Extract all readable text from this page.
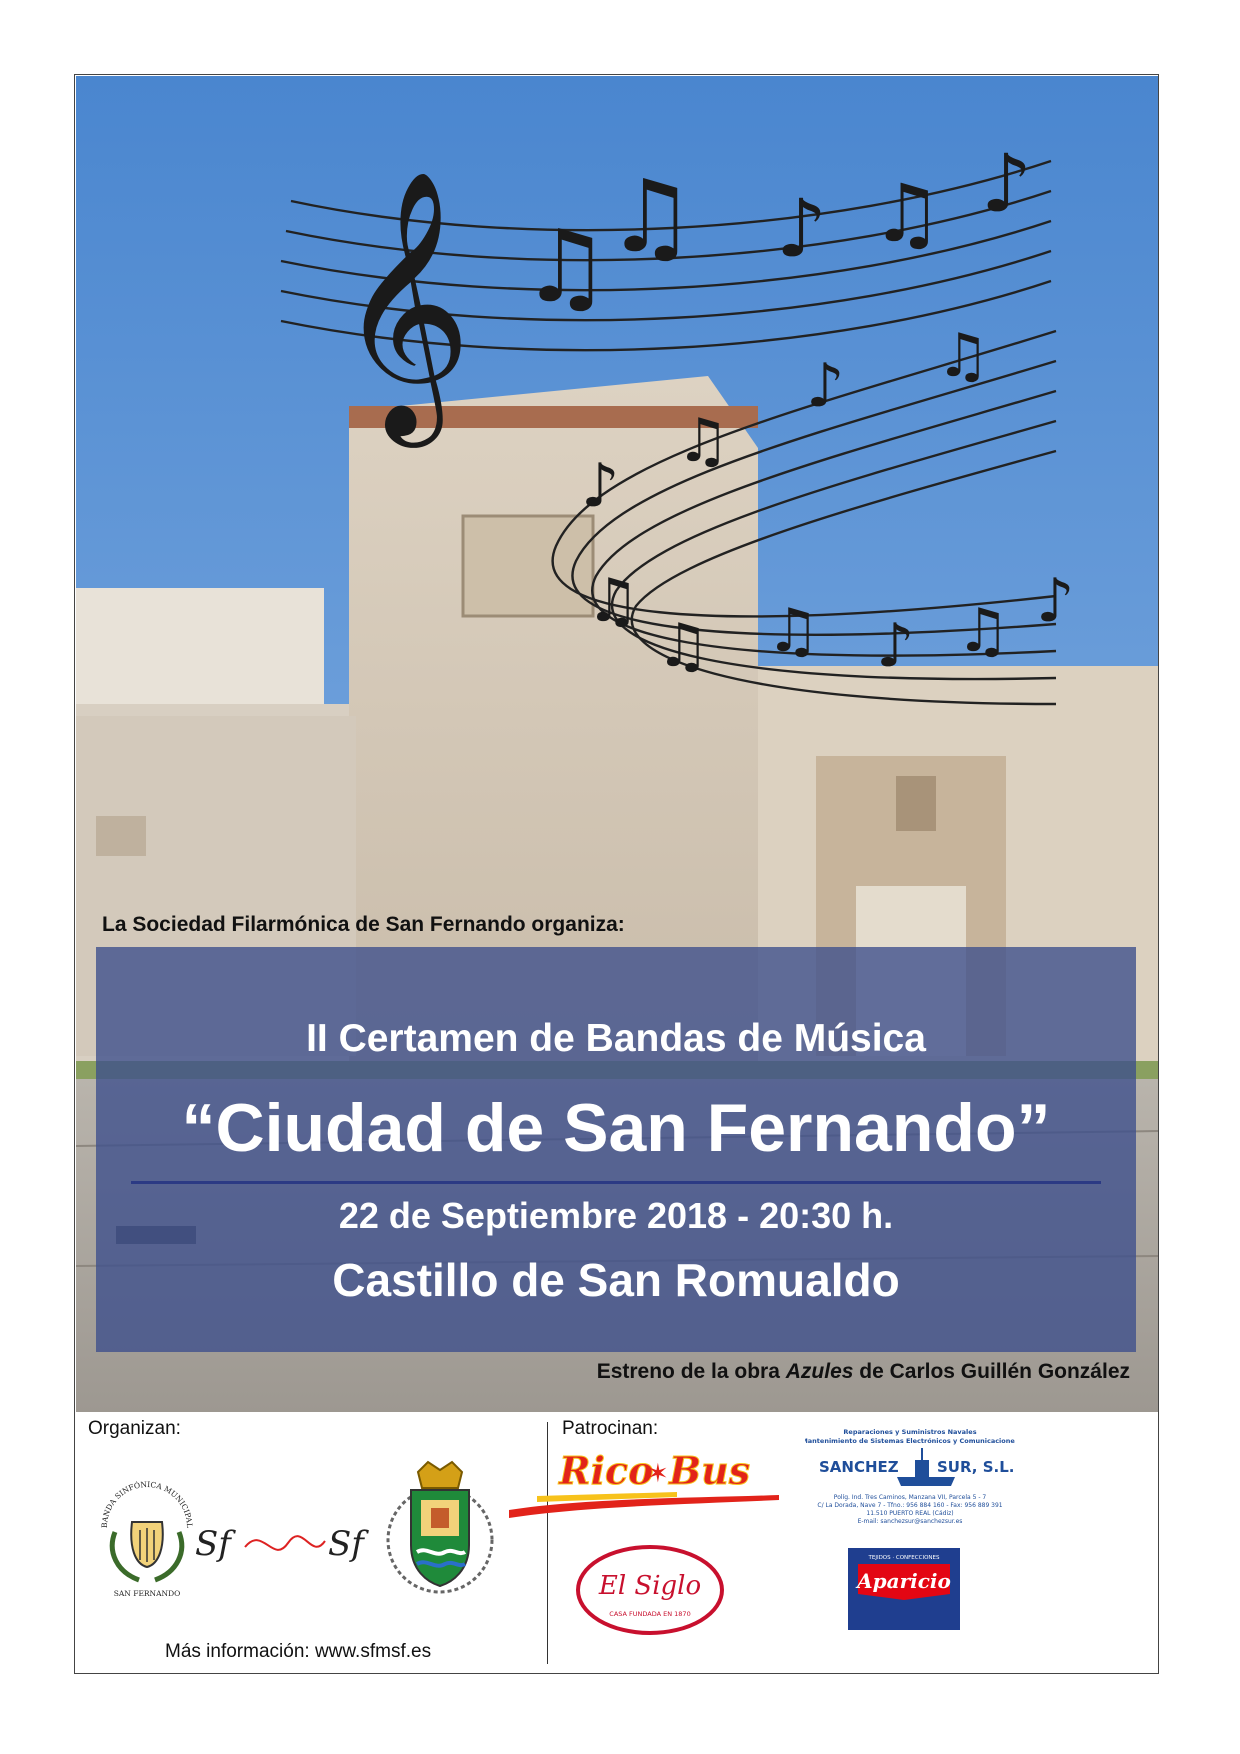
𝄞 ♫
♫ ♪ ♫ ♪
♪ ♫
♫
♪
♫
♫ ♫ ♪ ♫ ♪
La Sociedad Filarmónica de San Fernando organiza:
II Certamen de Bandas de Música
“Ciudad de San Fernando”
22 de Septiembre 2018 - 20:30 h.
Castillo de San Romualdo
Estreno de la obra Azules de Carlos Guillén González
Organizan:	Patrocinan:
BANDA SINFÓNICA MUNICIPAL
SAN FERNANDO
Sf	Sf
Rico
✶ Bus
Reparaciones y Suministros Navales
Mantenimiento de Sistemas Electrónicos y Comunicaciones
SANCHEZ	SUR, S.L.
Políg. Ind. Tres Caminos, Manzana VII, Parcela 5 - 7
C/ La Dorada, Nave 7 - Tfno.: 956 884 160 - Fax: 956 889 391
11.510 PUERTO REAL (Cádiz)
E-mail: sanchezsur@sanchezsur.es
El Siglo
CASA FUNDADA EN 1870
TEJIDOS · CONFECCIONES
Aparicio
Más información: www.sfmsf.es
